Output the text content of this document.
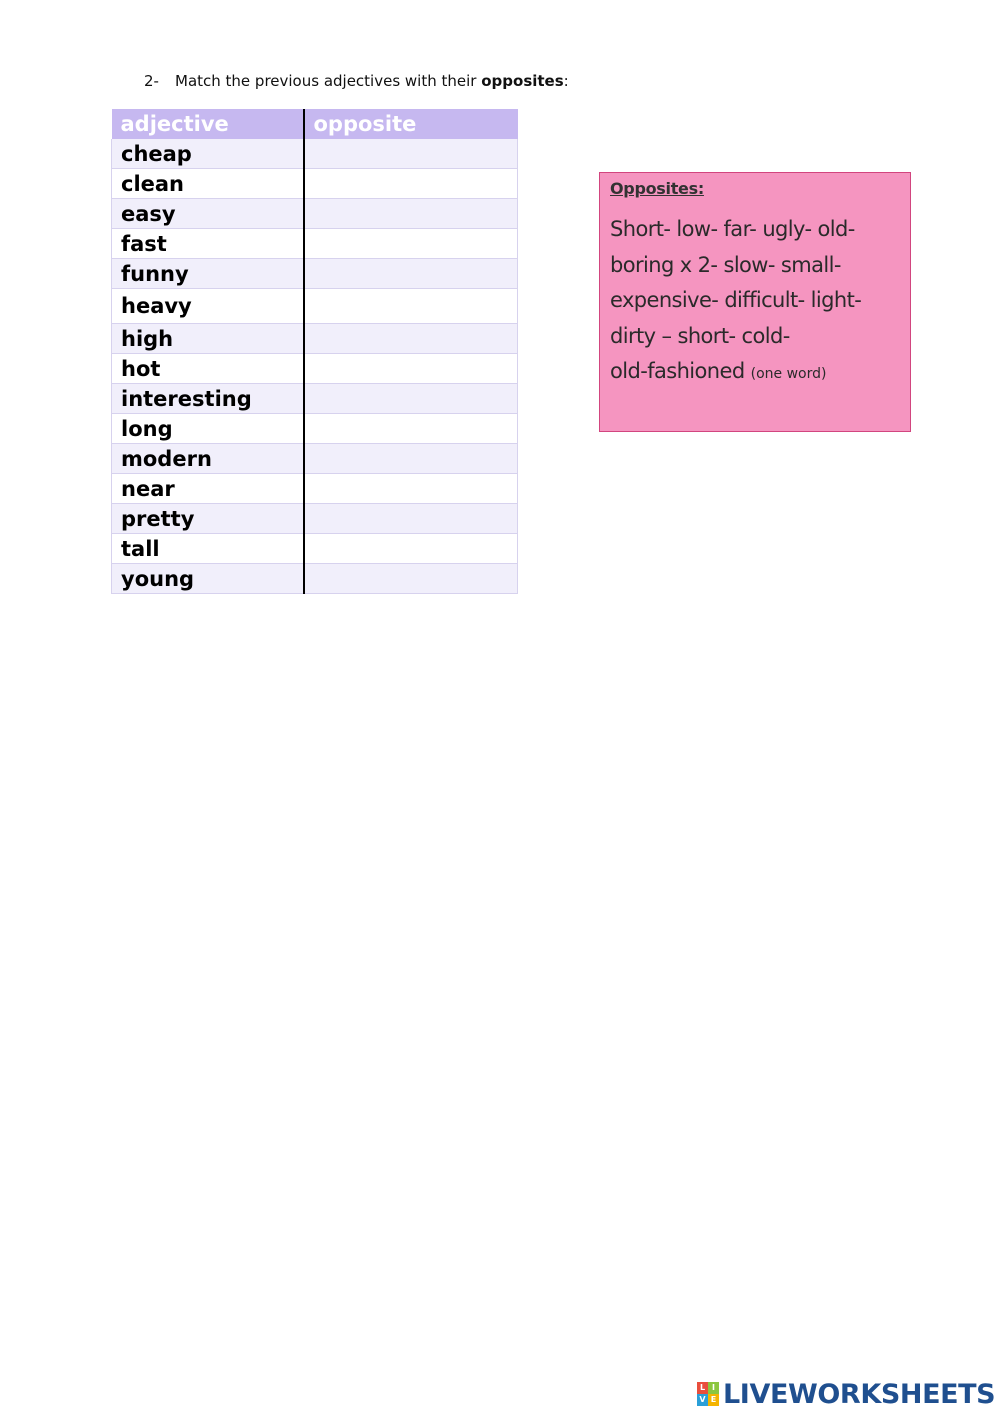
2- Match the previous adjectives with their opposites:
adjective	opposite
cheap	
clean	
easy	
fast	
funny	
heavy	
high	
hot	
interesting	
long	
modern	
near	
pretty	
tall	
young	
Opposites:
Short- low- far- ugly- old-
boring x 2- slow- small-
expensive- difficult- light-
dirty – short- cold-
old-fashioned (one word)
L I
V E LIVEWORKSHEETS
